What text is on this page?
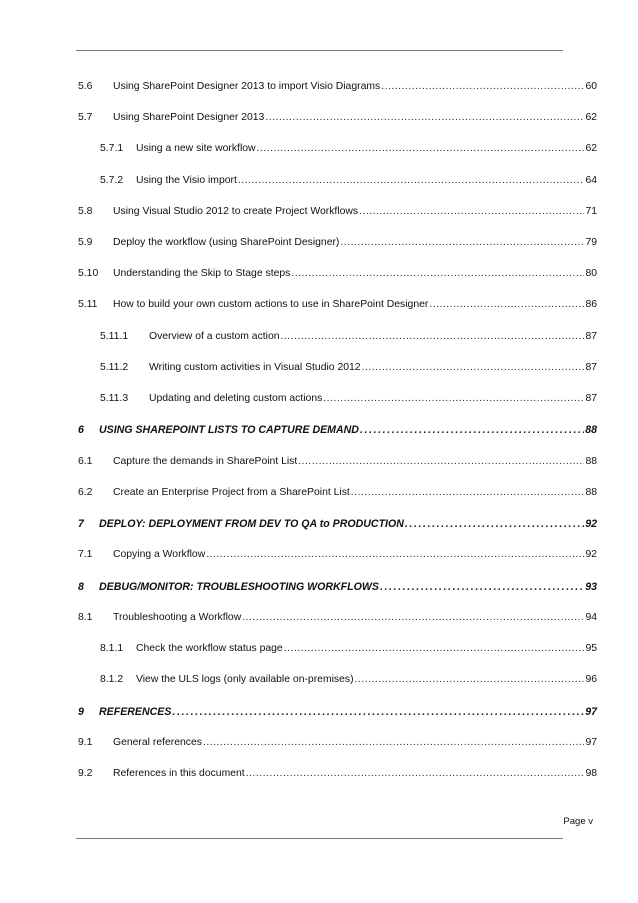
5.6	Using SharePoint Designer 2013 to import Visio Diagrams .....	60
5.7	Using SharePoint Designer 2013 .....	62
5.7.1	Using a new site workflow .....	62
5.7.2	Using the Visio import .....	64
5.8	Using Visual Studio 2012 to create Project Workflows .....	71
5.9	Deploy the workflow (using SharePoint Designer) .....	79
5.10	Understanding the Skip to Stage steps .....	80
5.11	How to build your own custom actions to use in SharePoint Designer .....	86
5.11.1	Overview of a custom action .....	87
5.11.2	Writing custom activities in Visual Studio 2012 .....	87
5.11.3	Updating and deleting custom actions .....	87
6	USING SHAREPOINT LISTS TO CAPTURE DEMAND .....	88
6.1	Capture the demands in SharePoint List .....	88
6.2	Create an Enterprise Project from a SharePoint List .....	88
7	DEPLOY: DEPLOYMENT FROM DEV TO QA to PRODUCTION .....	92
7.1	Copying a Workflow .....	92
8	DEBUG/MONITOR: TROUBLESHOOTING WORKFLOWS .....	93
8.1	Troubleshooting a Workflow .....	94
8.1.1	Check the workflow status page .....	95
8.1.2	View the ULS logs (only available on-premises) .....	96
9	REFERENCES .....	97
9.1	General references .....	97
9.2	References in this document .....	98
Page v
